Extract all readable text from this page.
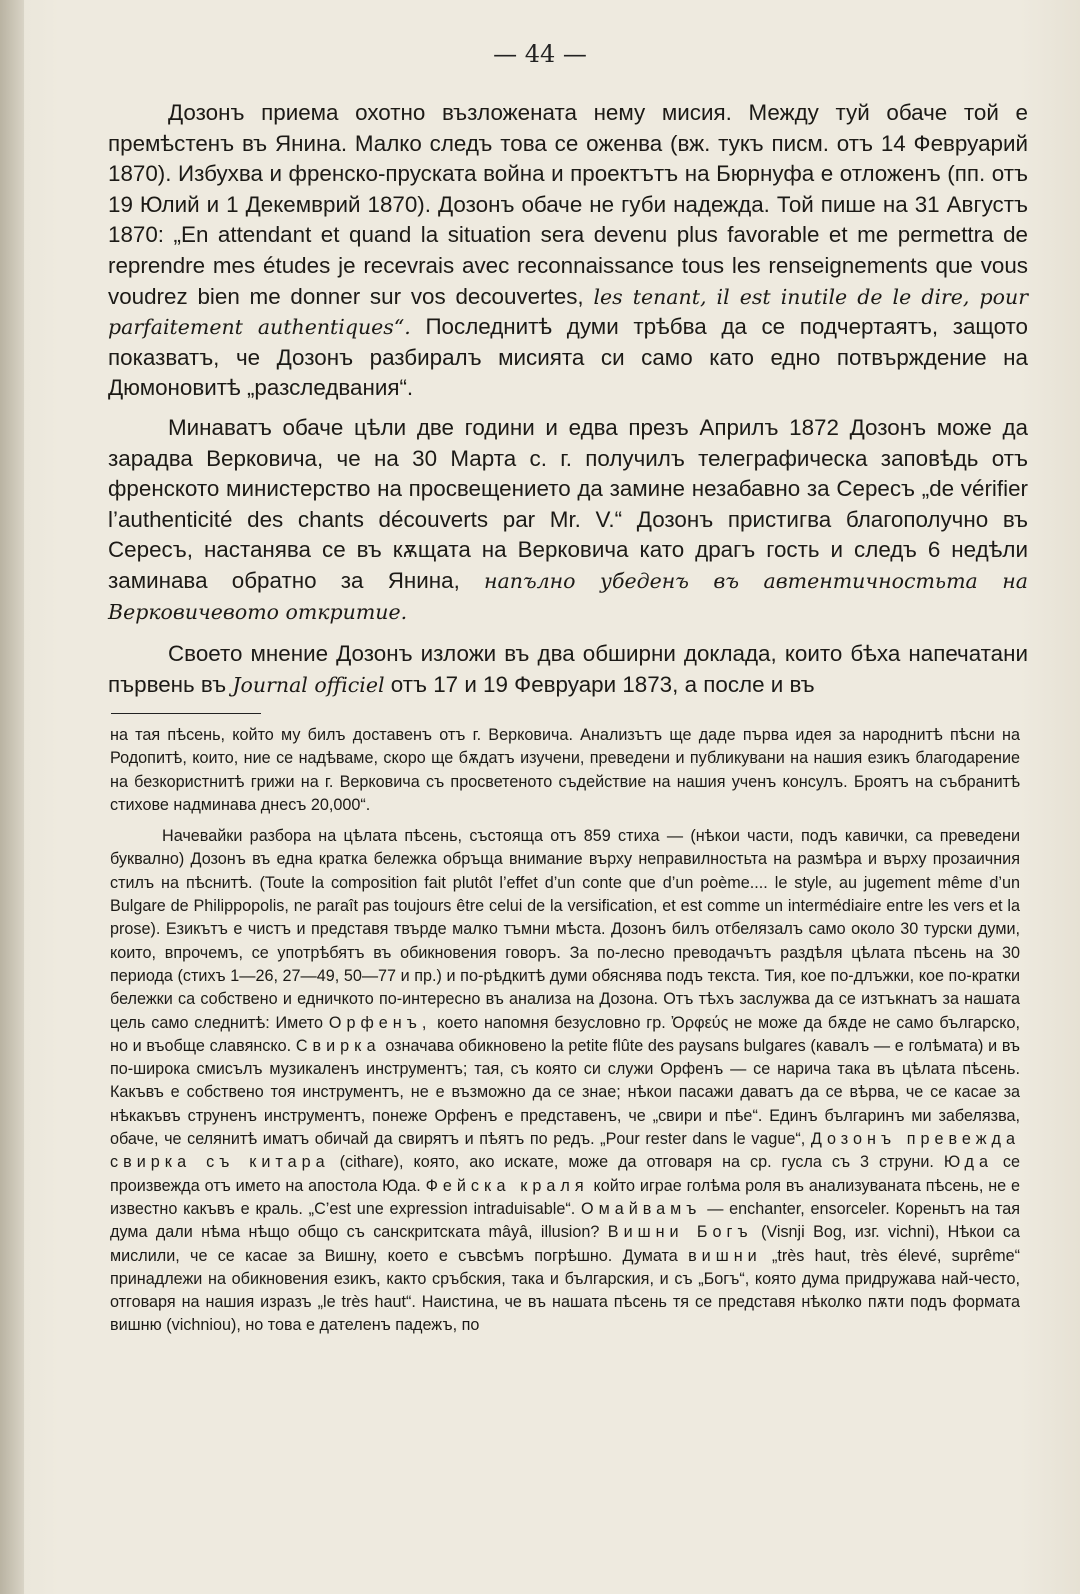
— 44 —

Дозонъ приема охотно възложената нему мисия. Между туй обаче той е премѣстенъ въ Янина. Малко следъ това се оженва (вж. тукъ писм. отъ 14 Февруарий 1870). Избухва и френско-пруската война и проектътъ на Бюрнуфа е отложенъ (пп. отъ 19 Юлий и 1 Декемврий 1870). Дозонъ обаче не губи надежда. Той пише на 31 Августъ 1870: „En attendant et quand la situation sera devenu plus favorable et me permettra de reprendre mes études je recevrais avec reconnaissance tous les renseignements que vous voudrez bien me donner sur vos decouvertes, les tenant, il est inutile de le dire, pour parfaitement authentiques“. Последнитѣ думи трѣбва да се подчертаятъ, защото показватъ, че Дозонъ разбиралъ мисията си само като едно потвърждение на Дюмоновитѣ „разследвания“.

Минаватъ обаче цѣли две години и едва презъ Априлъ 1872 Дозонъ може да зарадва Верковича, че на 30 Марта с. г. получилъ телеграфическа заповѣдь отъ френското министерство на просвещението да замине незабавно за Сересъ „de vérifier l’authenticité des chants découverts par Mr. V.“ Дозонъ пристигва благополучно въ Сересъ, настанява се въ кѫщата на Верковича като драгъ гость и следъ 6 недѣли заминава обратно за Янина, напълно убеденъ въ автентичностьта на Верковичевото откритие.

Своето мнение Дозонъ изложи въ два обширни доклада, които бѣха напечатани първень въ Journal officiel отъ 17 и 19 Февруари 1873, а после и въ

на тая пѣсень, който му билъ доставенъ отъ г. Верковича. Анализътъ ще даде първа идея за народнитѣ пѣсни на Родопитѣ, които, ние се надѣваме, скоро ще бѫдатъ изучени, преведени и публикувани на нашия езикъ благодарение на безкористнитѣ грижи на г. Верковича съ просветеното съдействие на нашия ученъ консулъ. Броятъ на събранитѣ стихове надминава днесъ 20,000“.

Начевайки разбора на цѣлата пѣсень, състояща отъ 859 стиха — (нѣкои части, подъ кавички, са преведени буквално) Дозонъ въ една кратка бележка обръща внимание върху неправилностьта на размѣра и върху прозаичния стилъ на пѣснитѣ. (Toute la composition fait plutôt l’effet d’un conte que d’un poème.... le style, au jugement même d’un Bulgare de Philippopolis, ne paraît pas toujours être celui de la versification, et est comme un intermédiaire entre les vers et la prose). Езикътъ е чистъ и представя твърде малко тъмни мѣста. Дозонъ билъ отбелязалъ само около 30 турски думи, които, впрочемъ, се употрѣбятъ въ обикновения говоръ. За по-лесно преводачътъ раздѣля цѣлата пѣсень на 30 периода (стихъ 1—26, 27—49, 50—77 и пр.) и по-рѣдкитѣ думи обяснява подъ текста. Тия, кое по-длъжки, кое по-кратки бележки са собствено и едничкото по-интересно въ анализа на Дозона. Отъ тѣхъ заслужва да се изтъкнатъ за нашата цель само следнитѣ: Името Орфенъ, което напомня безусловно гр. Ὀρφεύς не може да бѫде не само българско, но и въобще славянско. Свирка означава обикновено la petite flûte des paysans bulgares (кавалъ — е голѣмата) и въ по-широка смисълъ музикаленъ инструментъ; тая, съ която си служи Орфенъ — се нарича така въ цѣлата пѣсень. Какъвъ е собствено тоя инструментъ, не е възможно да се знае; нѣкои пасажи даватъ да се вѣрва, че се касае за нѣкакъвъ струненъ инструментъ, понеже Орфенъ е представенъ, че „свири и пѣе“. Единъ българинъ ми забелязва, обаче, че селянитѣ иматъ обичай да свирятъ и пѣятъ по редъ. „Pour rester dans le vague“, Дозонъ превежда свирка съ китара (cithare), която, ако искате, може да отговаря на ср. гусла съ 3 струни. Юда се произвежда отъ името на апостола Юда. Фейска краля който играе голѣма роля въ анализуваната пѣсень, не е известно какъвъ е краль. „C’est une expression intraduisable“. Омайвамъ — enchanter, ensorceler. Кореньтъ на тая дума дали нѣма нѣщо общо съ санскритската mâyâ, illusion? Вишни Богъ (Visnji Bog, изг. vichni), Нѣкои са мислили, че се касае за Вишну, което е съвсѣмъ погрѣшно. Думата вишни „très haut, très élevé, suprême“ принадлежи на обикновения езикъ, както сръбския, така и българския, и съ „Богъ“, която дума придружава най-често, отговаря на нашия изразъ „le très haut“. Наистина, че въ нашата пѣсень тя се представя нѣколко пѫти подъ формата вишню (vichniou), но това е дателенъ падежъ, по
